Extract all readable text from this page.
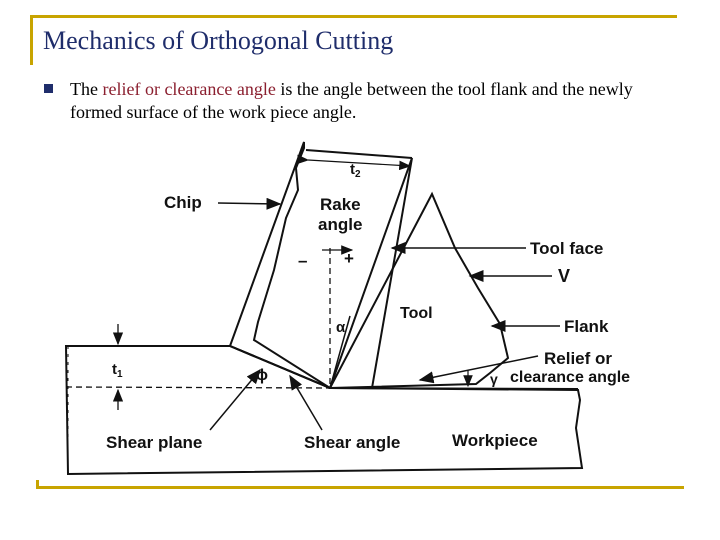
Mechanics of Orthogonal Cutting
The relief or clearance angle is the angle between the tool flank and the newly formed surface of the work piece angle.
$t_2$
$t_1$
Chip	Rake
angle
– +
α
Tool face
V
Tool
Flank
Relief or
clearance angle
γ
ϕ
Shear plane	Shear angle	Workpiece
